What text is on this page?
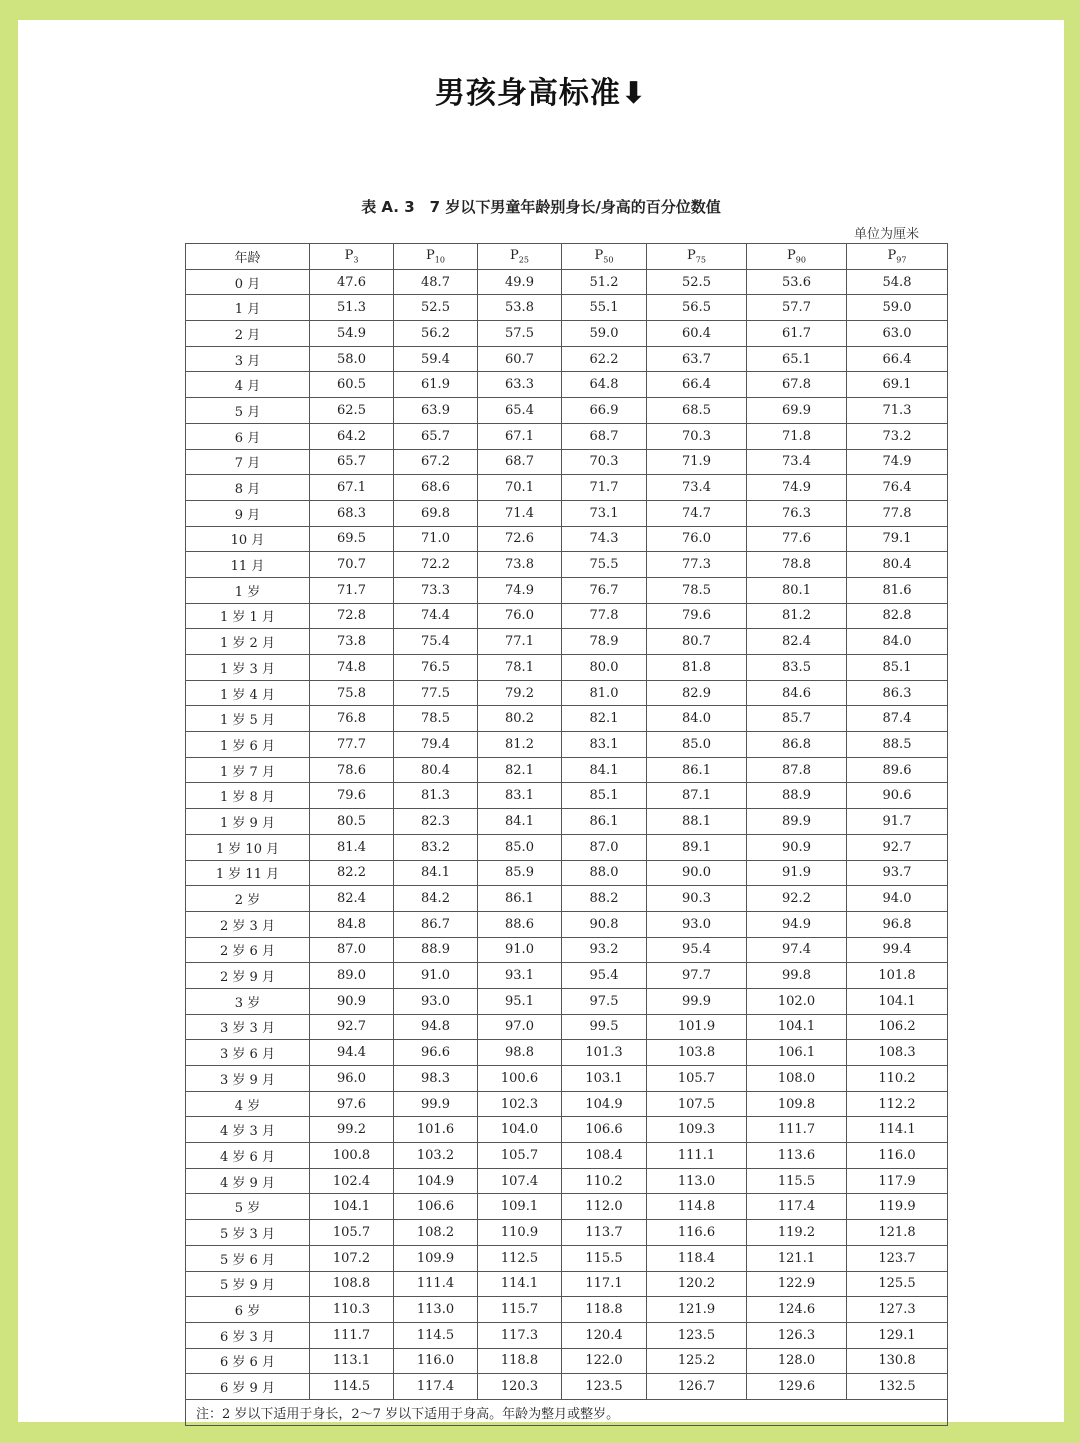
男孩身高标准⬇
表 A. 3　7 岁以下男童年龄别身长/身高的百分位数值
单位为厘米
年龄	$P_3$	$P_{10}$	$P_{25}$	$P_{50}$	$P_{75}$	$P_{90}$	$P_{97}$
0 月	47.6	48.7	49.9	51.2	52.5	53.6	54.8
1 月	51.3	52.5	53.8	55.1	56.5	57.7	59.0
2 月	54.9	56.2	57.5	59.0	60.4	61.7	63.0
3 月	58.0	59.4	60.7	62.2	63.7	65.1	66.4
4 月	60.5	61.9	63.3	64.8	66.4	67.8	69.1
5 月	62.5	63.9	65.4	66.9	68.5	69.9	71.3
6 月	64.2	65.7	67.1	68.7	70.3	71.8	73.2
7 月	65.7	67.2	68.7	70.3	71.9	73.4	74.9
8 月	67.1	68.6	70.1	71.7	73.4	74.9	76.4
9 月	68.3	69.8	71.4	73.1	74.7	76.3	77.8
10 月	69.5	71.0	72.6	74.3	76.0	77.6	79.1
11 月	70.7	72.2	73.8	75.5	77.3	78.8	80.4
1 岁	71.7	73.3	74.9	76.7	78.5	80.1	81.6
1 岁 1 月	72.8	74.4	76.0	77.8	79.6	81.2	82.8
1 岁 2 月	73.8	75.4	77.1	78.9	80.7	82.4	84.0
1 岁 3 月	74.8	76.5	78.1	80.0	81.8	83.5	85.1
1 岁 4 月	75.8	77.5	79.2	81.0	82.9	84.6	86.3
1 岁 5 月	76.8	78.5	80.2	82.1	84.0	85.7	87.4
1 岁 6 月	77.7	79.4	81.2	83.1	85.0	86.8	88.5
1 岁 7 月	78.6	80.4	82.1	84.1	86.1	87.8	89.6
1 岁 8 月	79.6	81.3	83.1	85.1	87.1	88.9	90.6
1 岁 9 月	80.5	82.3	84.1	86.1	88.1	89.9	91.7
1 岁 10 月	81.4	83.2	85.0	87.0	89.1	90.9	92.7
1 岁 11 月	82.2	84.1	85.9	88.0	90.0	91.9	93.7
2 岁	82.4	84.2	86.1	88.2	90.3	92.2	94.0
2 岁 3 月	84.8	86.7	88.6	90.8	93.0	94.9	96.8
2 岁 6 月	87.0	88.9	91.0	93.2	95.4	97.4	99.4
2 岁 9 月	89.0	91.0	93.1	95.4	97.7	99.8	101.8
3 岁	90.9	93.0	95.1	97.5	99.9	102.0	104.1
3 岁 3 月	92.7	94.8	97.0	99.5	101.9	104.1	106.2
3 岁 6 月	94.4	96.6	98.8	101.3	103.8	106.1	108.3
3 岁 9 月	96.0	98.3	100.6	103.1	105.7	108.0	110.2
4 岁	97.6	99.9	102.3	104.9	107.5	109.8	112.2
4 岁 3 月	99.2	101.6	104.0	106.6	109.3	111.7	114.1
4 岁 6 月	100.8	103.2	105.7	108.4	111.1	113.6	116.0
4 岁 9 月	102.4	104.9	107.4	110.2	113.0	115.5	117.9
5 岁	104.1	106.6	109.1	112.0	114.8	117.4	119.9
5 岁 3 月	105.7	108.2	110.9	113.7	116.6	119.2	121.8
5 岁 6 月	107.2	109.9	112.5	115.5	118.4	121.1	123.7
5 岁 9 月	108.8	111.4	114.1	117.1	120.2	122.9	125.5
6 岁	110.3	113.0	115.7	118.8	121.9	124.6	127.3
6 岁 3 月	111.7	114.5	117.3	120.4	123.5	126.3	129.1
6 岁 6 月	113.1	116.0	118.8	122.0	125.2	128.0	130.8
6 岁 9 月	114.5	117.4	120.3	123.5	126.7	129.6	132.5
注：2 岁以下适用于身长，2～7 岁以下适用于身高。年龄为整月或整岁。							
